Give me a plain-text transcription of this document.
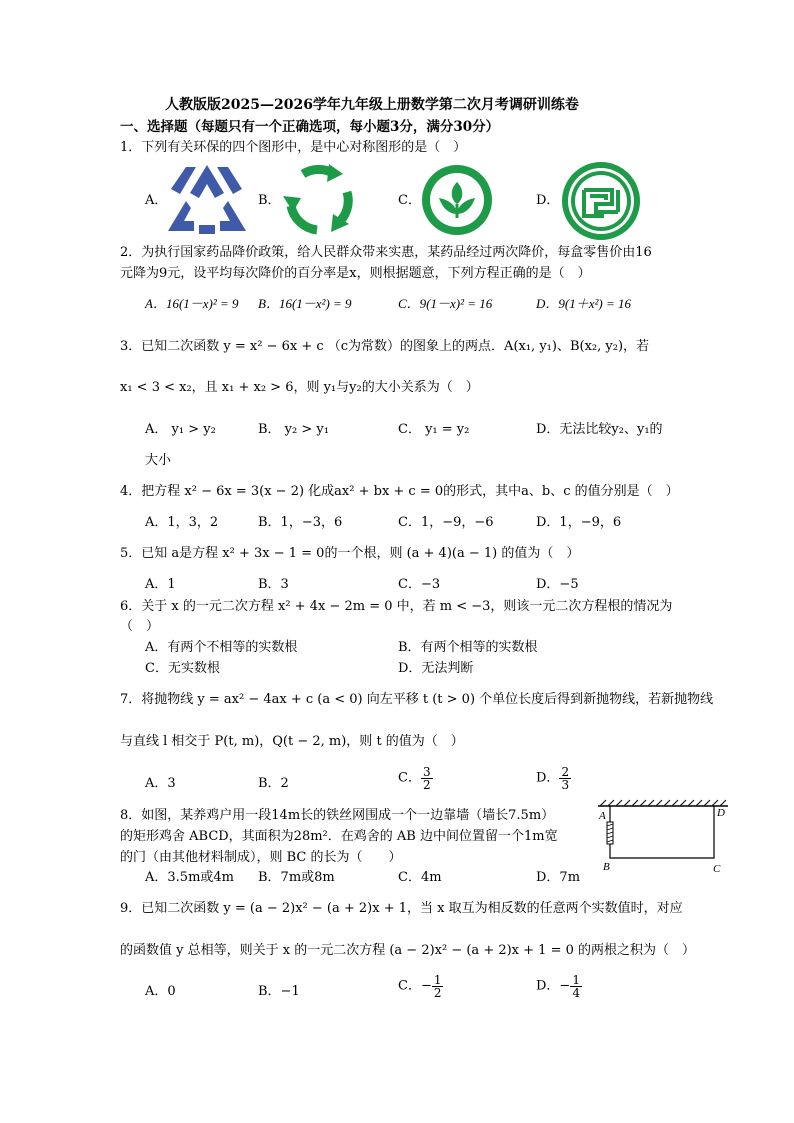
人教版版2025—2026学年九年级上册数学第二次月考调研训练卷
一、选择题（每题只有一个正确选项，每小题3分，满分30分）
1．下列有关环保的四个图形中，是中心对称图形的是（　）
A．	B．	C．	D．
2．为执行国家药品降价政策，给人民群众带来实惠，某药品经过两次降价，每盒零售价由16
元降为9元，设平均每次降价的百分率是x，则根据题意，下列方程正确的是（　）
A．16(1－x)² = 9 B．16(1－x²) = 9	C．9(1－x)² = 16	D．9(1＋x²) = 16
3．已知二次函数 y = x² − 6x + c （c为常数）的图象上的两点．A(x₁, y₁)、B(x₂, y₂)，若
x₁ < 3 < x₂，且 x₁ + x₂ > 6，则 y₁与y₂的大小关系为（　）
A． y₁ > y₂	B． y₂ > y₁	C． y₁ = y₂	D．无法比较y₂、y₁的
大小
4．把方程 x² − 6x = 3(x − 2) 化成ax² + bx + c = 0的形式，其中a、b、c 的值分别是（　）
A．1，3，2	B．1，−3，6	C．1，−9，−6	D．1，−9，6
5．已知 a是方程 x² + 3x − 1 = 0的一个根，则 (a + 4)(a − 1) 的值为（　）
A．1	B．3	C．−3	D．−5
6．关于 x 的一元二次方程 x² + 4x − 2m = 0 中，若 m < −3，则该一元二次方程根的情况为
（　）
A．有两个不相等的实数根	B．有两个相等的实数根
C．无实数根	D．无法判断
7．将抛物线 y = ax² − 4ax + c (a < 0) 向左平移 t (t > 0) 个单位长度后得到新抛物线，若新抛物线
与直线 l 相交于 P(t, m)，Q(t − 2, m)，则 t 的值为（　）
A．3	B．2	C． $\frac{3}{2}$	D． $\frac{2}{3}$
8．如图，某养鸡户用一段14m长的铁丝网围成一个一边靠墙（墙长7.5m）
的矩形鸡舍 ABCD，其面积为28m²．在鸡舍的 AB 边中间位置留一个1m宽
的门（由其他材料制成），则 BC 的长为（　　）
A．3.5m或4m B．7m或8m	C．4m	D．7m
A	D
B	C
9．已知二次函数 y = (a − 2)x² − (a + 2)x + 1，当 x 取互为相反数的任意两个实数值时，对应
的函数值 y 总相等，则关于 x 的一元二次方程 (a − 2)x² − (a + 2)x + 1 = 0 的两根之积为（　）
A．0	B．−1	C．− $\frac{1}{2}$	D．− $\frac{1}{4}$
